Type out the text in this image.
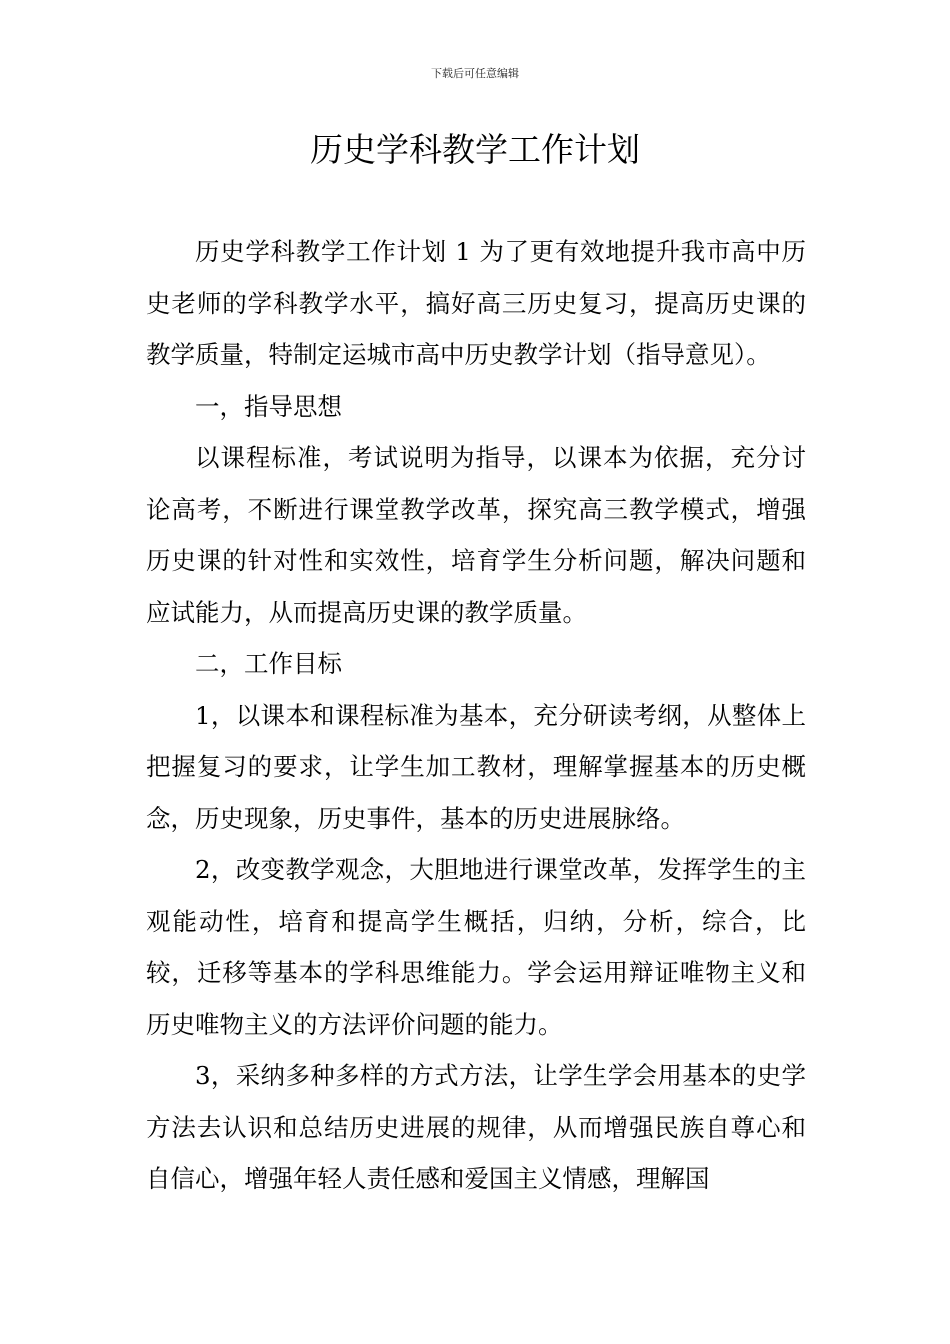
下载后可任意编辑
历史学科教学工作计划

历史学科教学工作计划 1 为了更有效地提升我市高中历史老师的学科教学水平，搞好高三历史复习，提高历史课的教学质量，特制定运城市高中历史教学计划（指导意见）。

一，指导思想

以课程标准，考试说明为指导，以课本为依据，充分讨论高考，不断进行课堂教学改革，探究高三教学模式，增强历史课的针对性和实效性，培育学生分析问题，解决问题和应试能力，从而提高历史课的教学质量。

二，工作目标

1，以课本和课程标准为基本，充分研读考纲，从整体上把握复习的要求，让学生加工教材，理解掌握基本的历史概念，历史现象，历史事件，基本的历史进展脉络。

2，改变教学观念，大胆地进行课堂改革，发挥学生的主观能动性，培育和提高学生概括，归纳，分析，综合，比较，迁移等基本的学科思维能力。学会运用辩证唯物主义和历史唯物主义的方法评价问题的能力。

3，采纳多种多样的方式方法，让学生学会用基本的史学方法去认识和总结历史进展的规律，从而增强民族自尊心和自信心，增强年轻人责任感和爱国主义情感，理解国
